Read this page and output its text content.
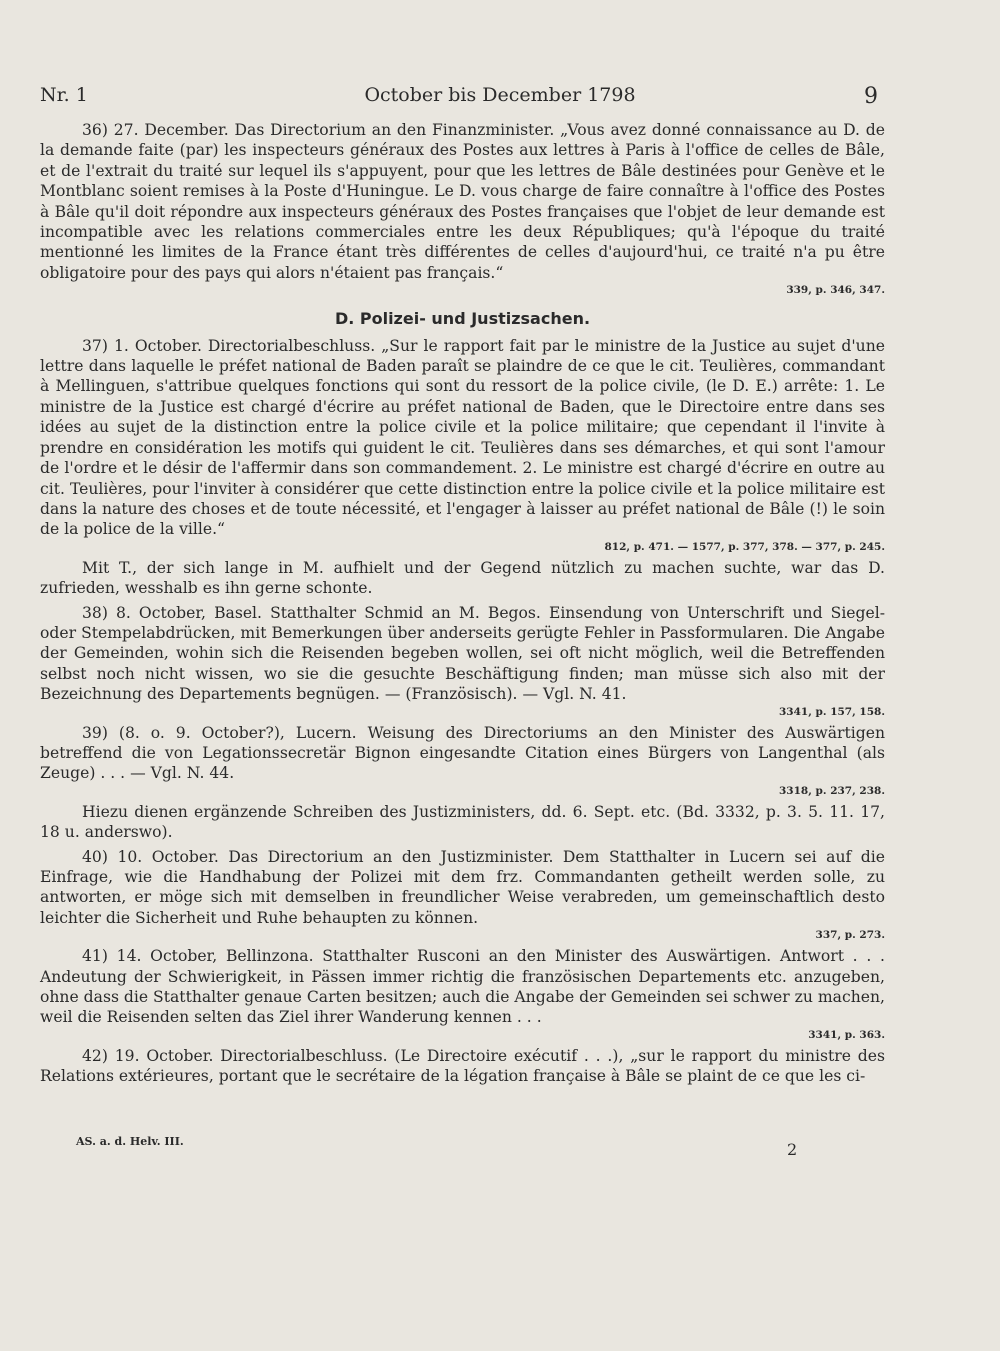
Nr. 1	October bis December 1798	9

36) 27. December. Das Directorium an den Finanzminister. „Vous avez donné connaissance au D. de la demande faite (par) les inspecteurs généraux des Postes aux lettres à Paris à l'office de celles de Bâle, et de l'extrait du traité sur lequel ils s'appuyent, pour que les lettres de Bâle destinées pour Genève et le Montblanc soient remises à la Poste d'Huningue. Le D. vous charge de faire connaître à l'office des Postes à Bâle qu'il doit répondre aux inspecteurs généraux des Postes françaises que l'objet de leur demande est incompatible avec les relations commerciales entre les deux Républiques; qu'à l'époque du traité mentionné les limites de la France étant très différentes de celles d'aujourd'hui, ce traité n'a pu être obligatoire pour des pays qui alors n'étaient pas français.“

339, p. 346, 347.
D. Polizei- und Justizsachen.

37) 1. October. Directorialbeschluss. „Sur le rapport fait par le ministre de la Justice au sujet d'une lettre dans laquelle le préfet national de Baden paraît se plaindre de ce que le cit. Teulières, commandant à Mellinguen, s'attribue quelques fonctions qui sont du ressort de la police civile, (le D. E.) arrête: 1. Le ministre de la Justice est chargé d'écrire au préfet national de Baden, que le Directoire entre dans ses idées au sujet de la distinction entre la police civile et la police militaire; que cependant il l'invite à prendre en considération les motifs qui guident le cit. Teulières dans ses démarches, et qui sont l'amour de l'ordre et le désir de l'affermir dans son commandement. 2. Le ministre est chargé d'écrire en outre au cit. Teulières, pour l'inviter à considérer que cette distinction entre la police civile et la police militaire est dans la nature des choses et de toute nécessité, et l'engager à laisser au préfet national de Bâle (!) le soin de la police de la ville.“

812, p. 471. — 1577, p. 377, 378. — 377, p. 245.

Mit T., der sich lange in M. aufhielt und der Gegend nützlich zu machen suchte, war das D. zufrieden, wesshalb es ihn gerne schonte.

38) 8. October, Basel. Statthalter Schmid an M. Begos. Einsendung von Unterschrift und Siegel- oder Stempelabdrücken, mit Bemerkungen über anderseits gerügte Fehler in Passformularen. Die Angabe der Gemeinden, wohin sich die Reisenden begeben wollen, sei oft nicht möglich, weil die Betreffenden selbst noch nicht wissen, wo sie die gesuchte Beschäftigung finden; man müsse sich also mit der Bezeichnung des Departements begnügen. — (Französisch). — Vgl. N. 41.

3341, p. 157, 158.

39) (8. o. 9. October?), Lucern. Weisung des Directoriums an den Minister des Auswärtigen betreffend die von Legationssecretär Bignon eingesandte Citation eines Bürgers von Langenthal (als Zeuge) . . . — Vgl. N. 44.

3318, p. 237, 238.

Hiezu dienen ergänzende Schreiben des Justizministers, dd. 6. Sept. etc. (Bd. 3332, p. 3. 5. 11. 17, 18 u. anderswo).

40) 10. October. Das Directorium an den Justizminister. Dem Statthalter in Lucern sei auf die Einfrage, wie die Handhabung der Polizei mit dem frz. Commandanten getheilt werden solle, zu antworten, er möge sich mit demselben in freundlicher Weise verabreden, um gemeinschaftlich desto leichter die Sicherheit und Ruhe behaupten zu können.

337, p. 273.

41) 14. October, Bellinzona. Statthalter Rusconi an den Minister des Auswärtigen. Antwort . . . Andeutung der Schwierigkeit, in Pässen immer richtig die französischen Departements etc. anzugeben, ohne dass die Statthalter genaue Carten besitzen; auch die Angabe der Gemeinden sei schwer zu machen, weil die Reisenden selten das Ziel ihrer Wanderung kennen . . .

3341, p. 363.

42) 19. October. Directorialbeschluss. (Le Directoire exécutif . . .), „sur le rapport du ministre des Relations extérieures, portant que le secrétaire de la légation française à Bâle se plaint de ce que les ci-

AS. a. d. Helv. III.	2
